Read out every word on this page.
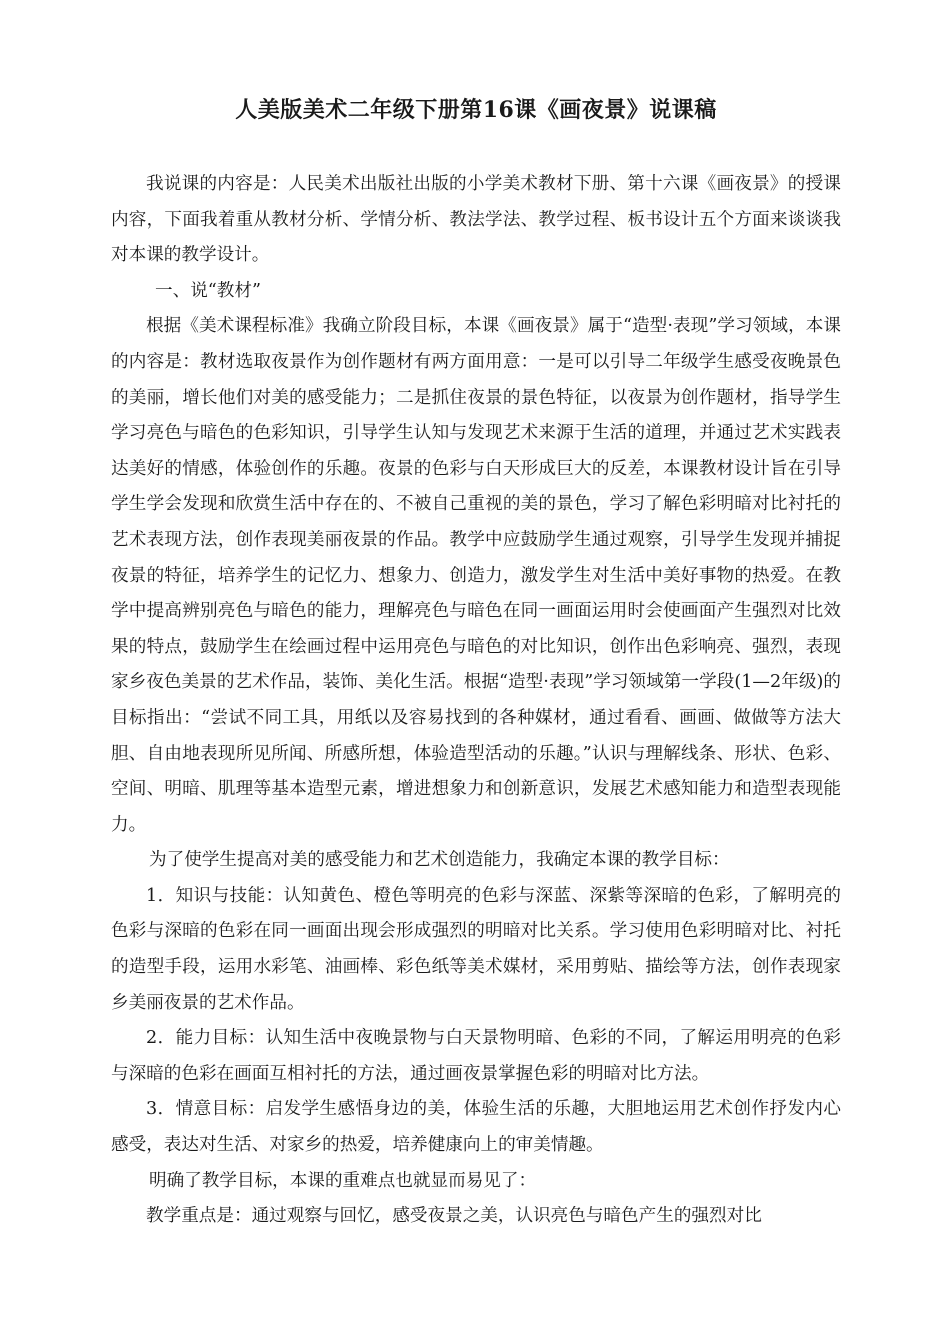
人美版美术二年级下册第16课《画夜景》说课稿

我说课的内容是：人民美术出版社出版的小学美术教材下册、第十六课《画夜景》的授课内容，下面我着重从教材分析、学情分析、教法学法、教学过程、板书设计五个方面来谈谈我对本课的教学设计。

一、说“教材”

根据《美术课程标准》我确立阶段目标，本课《画夜景》属于“造型·表现”学习领域，本课的内容是：教材选取夜景作为创作题材有两方面用意：一是可以引导二年级学生感受夜晚景色的美丽，增长他们对美的感受能力；二是抓住夜景的景色特征，以夜景为创作题材，指导学生学习亮色与暗色的色彩知识，引导学生认知与发现艺术来源于生活的道理，并通过艺术实践表达美好的情感，体验创作的乐趣。夜景的色彩与白天形成巨大的反差，本课教材设计旨在引导学生学会发现和欣赏生活中存在的、不被自己重视的美的景色，学习了解色彩明暗对比衬托的艺术表现方法，创作表现美丽夜景的作品。教学中应鼓励学生通过观察，引导学生发现并捕捉夜景的特征，培养学生的记忆力、想象力、创造力，激发学生对生活中美好事物的热爱。在教学中提高辨别亮色与暗色的能力，理解亮色与暗色在同一画面运用时会使画面产生强烈对比效果的特点，鼓励学生在绘画过程中运用亮色与暗色的对比知识，创作出色彩响亮、强烈，表现家乡夜色美景的艺术作品，装饰、美化生活。根据“造型·表现”学习领域第一学段(1—2年级)的目标指出：“尝试不同工具，用纸以及容易找到的各种媒材，通过看看、画画、做做等方法大胆、自由地表现所见所闻、所感所想，体验造型活动的乐趣。”认识与理解线条、形状、色彩、空间、明暗、肌理等基本造型元素，增进想象力和创新意识，发展艺术感知能力和造型表现能力。

为了使学生提高对美的感受能力和艺术创造能力，我确定本课的教学目标：

1．知识与技能：认知黄色、橙色等明亮的色彩与深蓝、深紫等深暗的色彩，了解明亮的色彩与深暗的色彩在同一画面出现会形成强烈的明暗对比关系。学习使用色彩明暗对比、衬托的造型手段，运用水彩笔、油画棒、彩色纸等美术媒材，采用剪贴、描绘等方法，创作表现家乡美丽夜景的艺术作品。

2．能力目标：认知生活中夜晚景物与白天景物明暗、色彩的不同，了解运用明亮的色彩与深暗的色彩在画面互相衬托的方法，通过画夜景掌握色彩的明暗对比方法。

3．情意目标：启发学生感悟身边的美，体验生活的乐趣，大胆地运用艺术创作抒发内心感受，表达对生活、对家乡的热爱，培养健康向上的审美情趣。

明确了教学目标，本课的重难点也就显而易见了：

教学重点是：通过观察与回忆，感受夜景之美，认识亮色与暗色产生的强烈对比
